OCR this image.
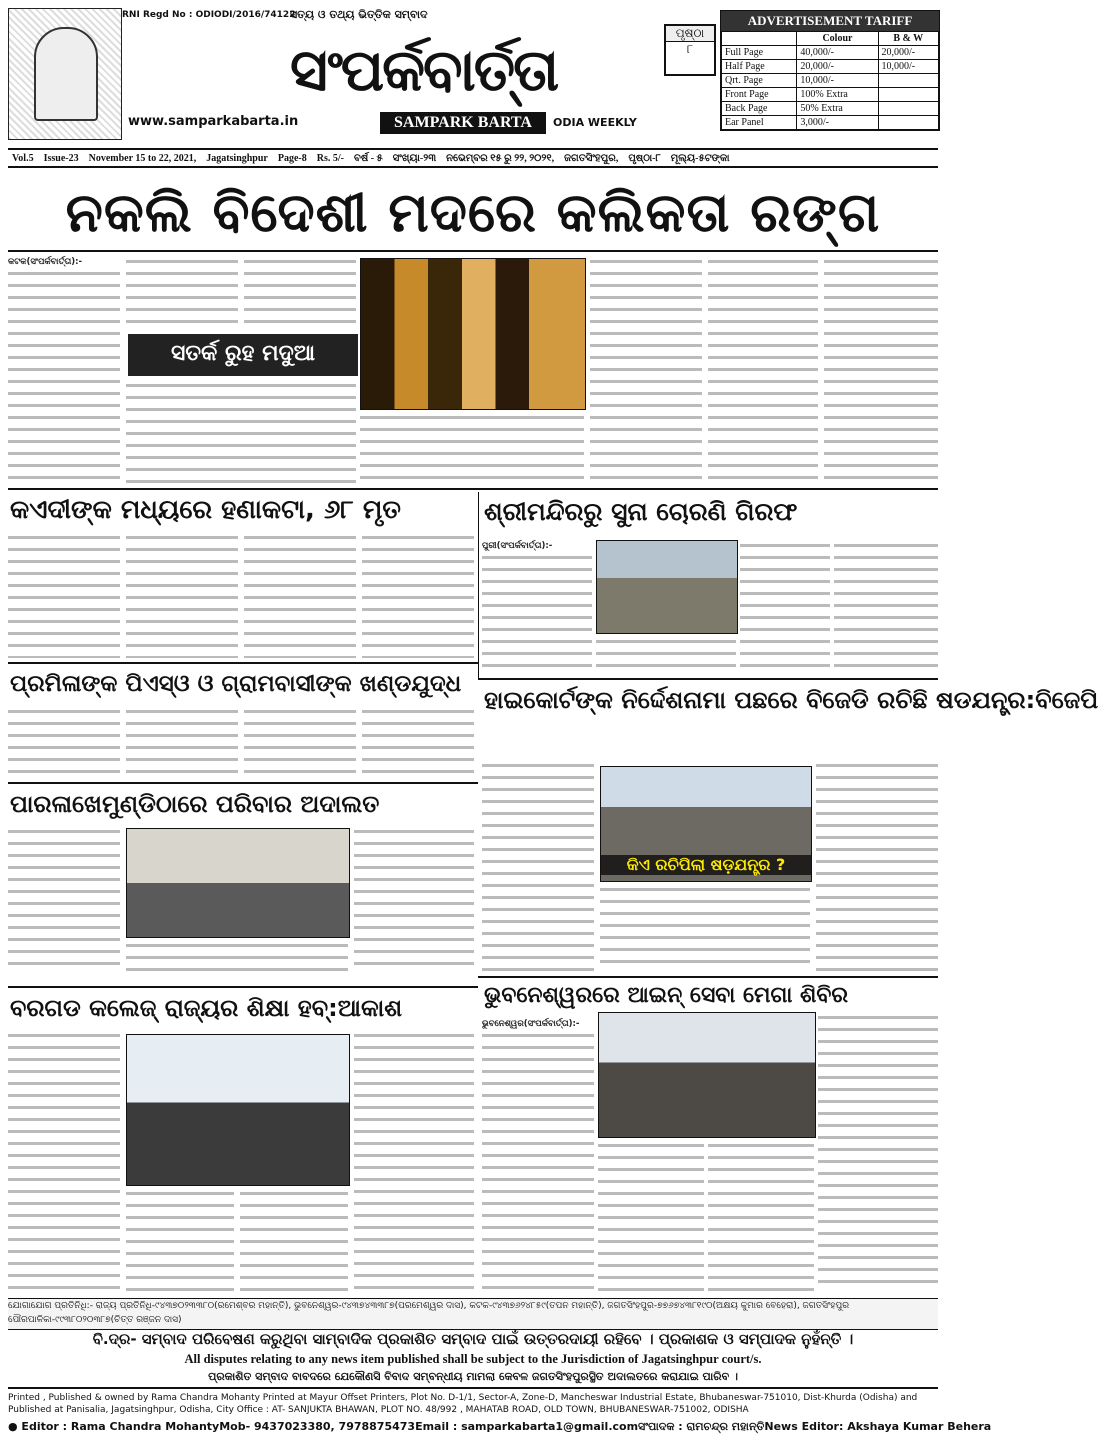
RNI Regd No : ODIODI/2016/74122
ସତ୍ୟ ଓ ତଥ୍ୟ ଭିତ୍ତିକ ସମ୍ବାଦ
ସଂପର୍କବାର୍ତ୍ତା
SAMPARK BARTA	ODIA WEEKLY
www.samparkabarta.in
ପୃଷ୍ଠା
୮
ADVERTISEMENT TARIFF
	Colour	B & W
Full Page	40,000/-	20,000/-
Half Page	20,000/-	10,000/-
Qrt. Page	10,000/-	
Front Page	100% Extra	
Back Page	50% Extra	
Ear Panel	3,000/-	
Vol.5 Issue-23 November 15 to 22, 2021, Jagatsinghpur Page-8 Rs. 5/- ବର୍ଷ - ୫ ସଂଖ୍ୟା-୨୩ ନଭେମ୍ବର ୧୫ ରୁ ୨୨, ୨୦୨୧, ଜଗତସିଂହପୁର, ପୃଷ୍ଠା-୮ ମୂଲ୍ୟ-୫ଟଙ୍କା
ନକଲି ବିଦେଶୀ ମଦରେ କଲିକତା ରଙ୍ଗ
କଟକ(ସଂପର୍କବାର୍ତ୍ତା):-
ସତର୍କ ରୁହ ମଦୁଆ
କଏଦୀଙ୍କ ମଧ୍ୟରେ ହଣାକଟା, ୬୮ ମୃତ	ଶ୍ରୀମନ୍ଦିରରୁ ସୁନା ଚୋରଣି ଗିରଫ
ପୁରୀ(ସଂପର୍କବାର୍ତ୍ତା):-
ପ୍ରମିଳାଙ୍କ ପିଏସ୍‌ଓ ଓ ଗ୍ରାମବାସୀଙ୍କ ଖଣ୍ଡଯୁଦ୍ଧ
ହାଇକୋର୍ଟଙ୍କ ନିର୍ଦ୍ଦେଶନାମା ପଛରେ ବିଜେଡି ରଚିଛି ଷଡଯନ୍ତ୍ର:ବିଜେପି
କିଏ ରଚିପିଲା ଷଡ଼ଯନ୍ତ୍ର ?
ପାରଳାଖେମୁଣ୍ଡିଠାରେ ପରିବାର ଅଦାଲତ
ଭୁବନେଶ୍ୱରରେ ଆଇନ୍ ସେବା ମେଗା ଶିବିର
ଭୁବନେଶ୍ୱର(ସଂପର୍କବାର୍ତ୍ତା):-
ବରଗଡ କଲେଜ୍ ରାଜ୍ୟର ଶିକ୍ଷା ହବ୍:ଆକାଶ
ଯୋଗାଯୋଗ ପ୍ରତିନିଧି:- ରାଜ୍ୟ ପ୍ରତିନିଧି-୯୪୩୭୦୨୩୩୮୦(ରମେଶ୍ବର ମହାନ୍ତି), ଭୁବନେଶ୍ୱର-୯୪୩୭୪୩୩୮୭(ପରମେଶ୍ୱର ଦାସ), କଟକ-୯୪୩୭୬୨୪୮୫୯(ତପନ ମହାନ୍ତି), ଜଗତସିଂହପୁର-୭୭୬୭୪୩୮୧୯୦(ଅକ୍ଷୟ କୁମାର ବେହେରା), ଜଗତସିଂହପୁର ପୌରପାଳିକା-୯୯୩୮୦୨୦୩୮୭(ଚିତ୍ତ ରଞ୍ଜନ ଦାସ)
ବି.ଦ୍ର- ସମ୍ବାଦ ପରିବେଷଣ କରୁଥିବା ସାମ୍ବାଦିକ ପ୍ରକାଶିତ ସମ୍ବାଦ ପାଇଁ ଉତ୍ତରଦାୟୀ ରହିବେ । ପ୍ରକାଶକ ଓ ସମ୍ପାଦକ ନୁହଁନ୍ତି ।
All disputes relating to any news item published shall be subject to the Jurisdiction of Jagatsinghpur court/s.
ପ୍ରକାଶିତ ସମ୍ବାଦ ବାବଦରେ ଯେକୌଣସି ବିବାଦ ସମ୍ବନ୍ଧୀୟ ମାମଲା କେବଳ ଜଗତସିଂହପୁରସ୍ଥିତ ଅଦାଲତରେ କରାଯାଇ ପାରିବ ।
Printed , Published & owned by Rama Chandra Mohanty Printed at Mayur Offset Printers, Plot No. D-1/1, Sector-A, Zone-D, Mancheswar Industrial Estate, Bhubaneswar-751010, Dist-Khurda (Odisha) and
Published at Panisalia, Jagatsinghpur, Odisha, City Office : AT- SANJUKTA BHAWAN, PLOT NO. 48/992 , MAHATAB ROAD, OLD TOWN, BHUBANESWAR-751002, ODISHA
● Editor : Rama Chandra Mohanty Mob- 9437023380, 7978875473 Email : samparkabarta1@gmail.com ସଂପାଦକ : ରାମଚନ୍ଦ୍ର ମହାନ୍ତି News Editor: Akshaya Kumar Behera
